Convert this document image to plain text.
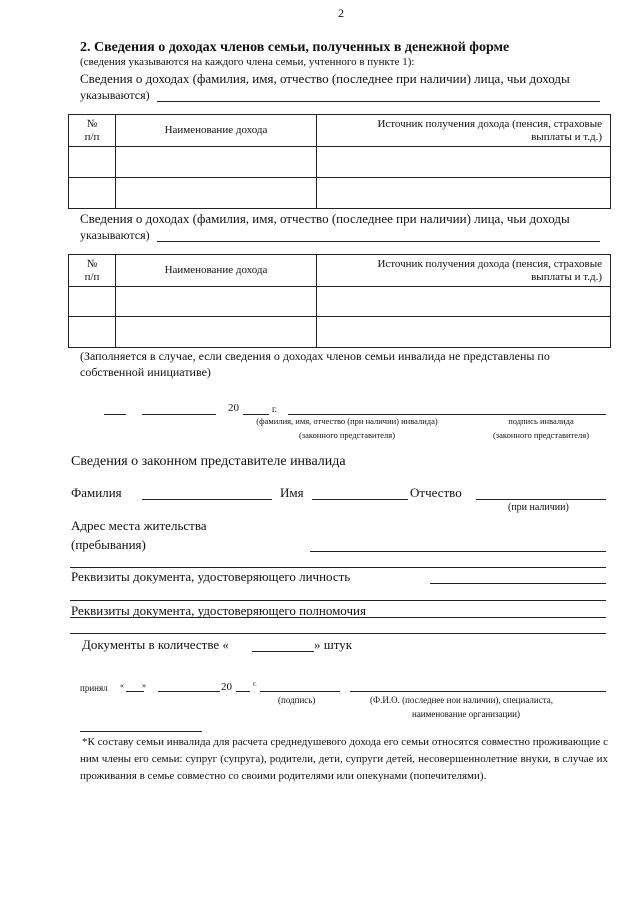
2
2. Сведения о доходах членов семьи, полученных в денежной форме
(сведения указываются на каждого члена семьи, учтенного в пункте 1):
Сведения о доходах (фамилия, имя, отчество (последнее при наличии) лица, чьи доходы
указываются)
№
п/п	Наименование дохода	Источник получения дохода (пенсия, страховые
выплаты и т.д.)

Сведения о доходах (фамилия, имя, отчество (последнее при наличии) лица, чьи доходы
указываются)
№
п/п	Наименование дохода	Источник получения дохода (пенсия, страховые
выплаты и т.д.)

(Заполняется в случае, если сведения о доходах членов семьи инвалида не представлены по
собственной инициативе)
20	г.
(фамилия, имя, отчество (при наличии) инвалида)
(законного представителя)
подпись инвалида
(законного представителя)
Сведения о законном представителе инвалида
Фамилия	Имя	Отчество
(при наличии)
Адрес места жительства
(пребывания)
Реквизиты документа, удостоверяющего личность
Реквизиты документа, удостоверяющего полномочия
Документы в количестве «	» штук
принял « »	20	г.
(подпись)	(Ф.И.О. (последнее нои наличии), специалиста,
наименование организации)
*К составу семьи инвалида для расчета среднедушевого дохода его семьи относятся совместно проживающие с ним члены его семьи: супруг (супруга), родители, дети, супруги детей, несовершеннолетние внуки, в случае их проживания в семье совместно со своими родителями или опекунами (попечителями).
